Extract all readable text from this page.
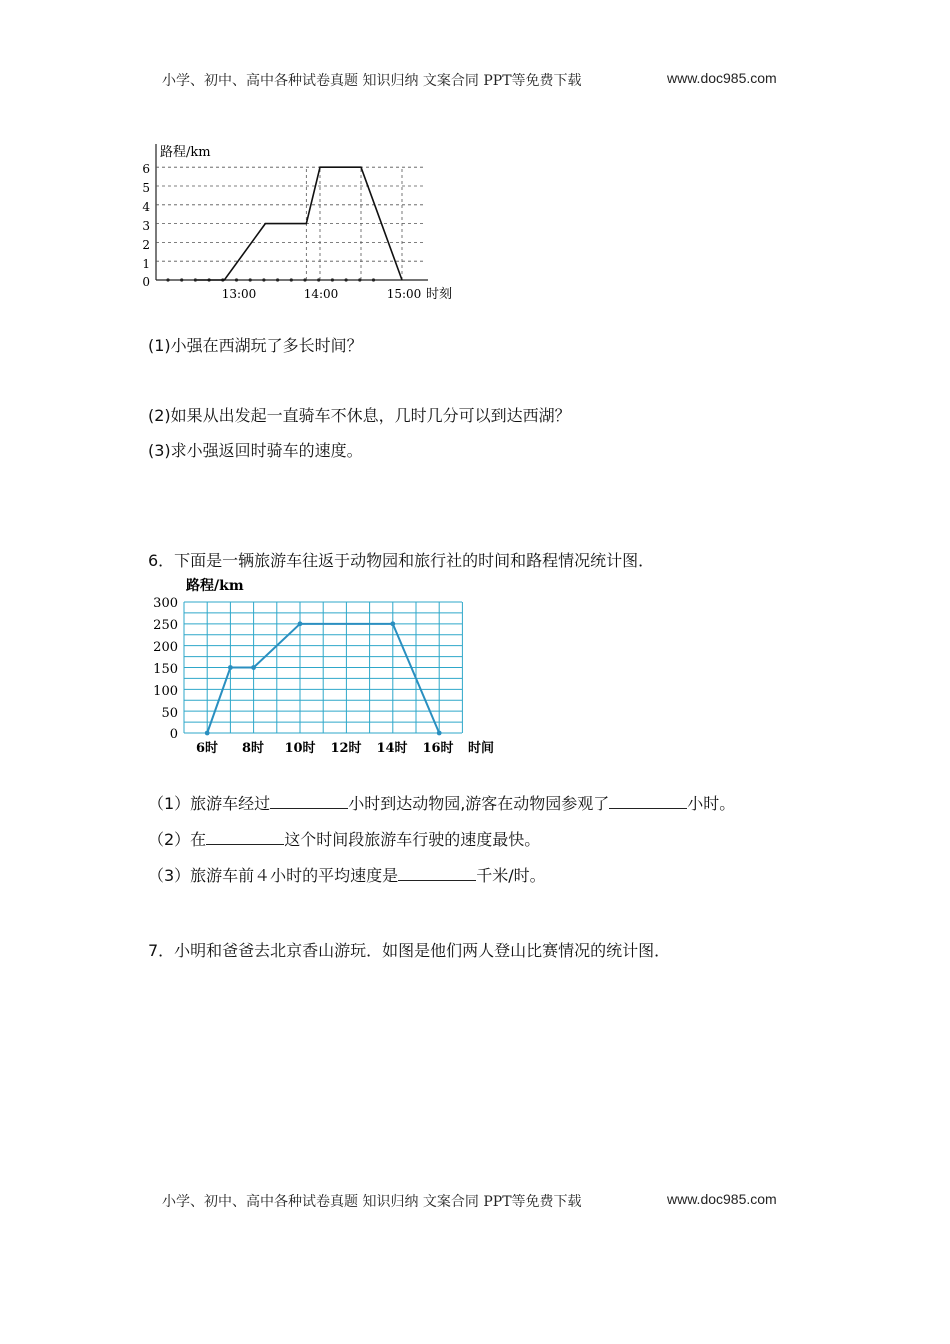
小学、初中、高中各种试卷真题 知识归纳 文案合同 PPT等免费下载	www.doc985.com
路程/km
6
5
4
3
2
1
0
13:00	14:00	15:00 时刻
(1)小强在西湖玩了多长时间？
(2)如果从出发起一直骑车不休息，几时几分可以到达西湖？
(3)求小强返回时骑车的速度。
6．下面是一辆旅游车往返于动物园和旅行社的时间和路程情况统计图．
路程/km
300
250
200
150
100
50
0
6时 8时 10时 12时 14时 16时 时间
（1）旅游车经过	小时到达动物园,游客在动物园参观了	小时。
（2）在	这个时间段旅游车行驶的速度最快。
（3）旅游车前４小时的平均速度是	千米/时。
7．小明和爸爸去北京香山游玩．如图是他们两人登山比赛情况的统计图．
小学、初中、高中各种试卷真题 知识归纳 文案合同 PPT等免费下载	www.doc985.com
